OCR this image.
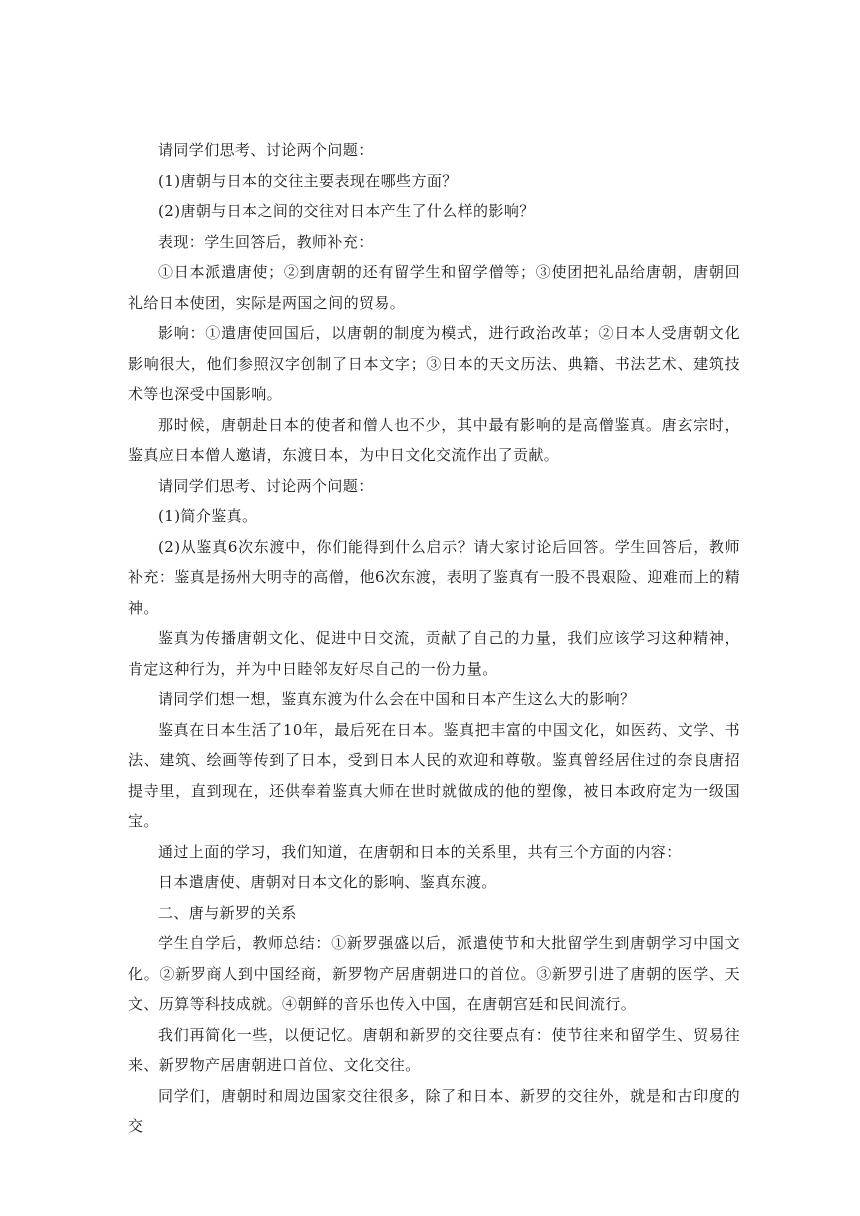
请同学们思考、讨论两个问题：

(1)唐朝与日本的交往主要表现在哪些方面？

(2)唐朝与日本之间的交往对日本产生了什么样的影响？

表现：学生回答后，教师补充：

①日本派遣唐使；②到唐朝的还有留学生和留学僧等；③使团把礼品给唐朝，唐朝回礼给日本使团，实际是两国之间的贸易。

影响：①遣唐使回国后，以唐朝的制度为模式，进行政治改革；②日本人受唐朝文化影响很大，他们参照汉字创制了日本文字；③日本的天文历法、典籍、书法艺术、建筑技术等也深受中国影响。

那时候，唐朝赴日本的使者和僧人也不少，其中最有影响的是高僧鉴真。唐玄宗时，鉴真应日本僧人邀请，东渡日本，为中日文化交流作出了贡献。

请同学们思考、讨论两个问题：

(1)简介鉴真。

(2)从鉴真6次东渡中，你们能得到什么启示？请大家讨论后回答。学生回答后，教师补充：鉴真是扬州大明寺的高僧，他6次东渡，表明了鉴真有一股不畏艰险、迎难而上的精神。

鉴真为传播唐朝文化、促进中日交流，贡献了自己的力量，我们应该学习这种精神，肯定这种行为，并为中日睦邻友好尽自己的一份力量。

请同学们想一想，鉴真东渡为什么会在中国和日本产生这么大的影响？

鉴真在日本生活了10年，最后死在日本。鉴真把丰富的中国文化，如医药、文学、书法、建筑、绘画等传到了日本，受到日本人民的欢迎和尊敬。鉴真曾经居住过的奈良唐招提寺里，直到现在，还供奉着鉴真大师在世时就做成的他的塑像，被日本政府定为一级国宝。

通过上面的学习，我们知道，在唐朝和日本的关系里，共有三个方面的内容：

日本遣唐使、唐朝对日本文化的影响、鉴真东渡。

二、唐与新罗的关系

学生自学后，教师总结：①新罗强盛以后，派遣使节和大批留学生到唐朝学习中国文化。②新罗商人到中国经商，新罗物产居唐朝进口的首位。③新罗引进了唐朝的医学、天文、历算等科技成就。④朝鲜的音乐也传入中国，在唐朝宫廷和民间流行。

我们再简化一些，以便记忆。唐朝和新罗的交往要点有：使节往来和留学生、贸易往来、新罗物产居唐朝进口首位、文化交往。

同学们，唐朝时和周边国家交往很多，除了和日本、新罗的交往外，就是和古印度的交
